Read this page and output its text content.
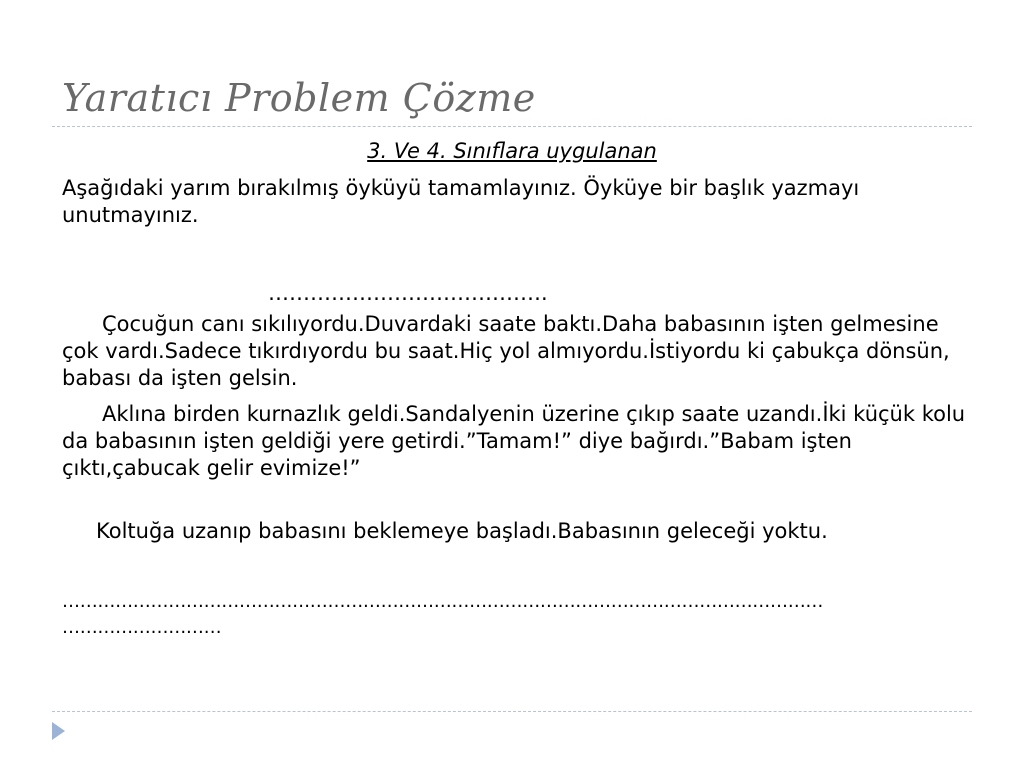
Yaratıcı Problem Çözme
3. Ve 4. Sınıflara uygulanan

Aşağıdaki yarım bırakılmış öyküyü tamamlayınız. Öyküye bir başlık yazmayı unutmayınız.

………………………………….

Çocuğun canı sıkılıyordu.Duvardaki saate baktı.Daha babasının işten gelmesine çok vardı.Sadece tıkırdıyordu bu saat.Hiç yol almıyordu.İstiyordu ki çabukça dönsün, babası da işten gelsin.

Aklına birden kurnazlık geldi.Sandalyenin üzerine çıkıp saate uzandı.İki küçük kolu da babasının işten geldiği yere getirdi.”Tamam!” diye bağırdı.”Babam işten çıktı,çabucak gelir evimize!”

Koltuğa uzanıp babasını beklemeye başladı.Babasının geleceği yoktu.

…………………………………………………………………………………………………………………

………………………
